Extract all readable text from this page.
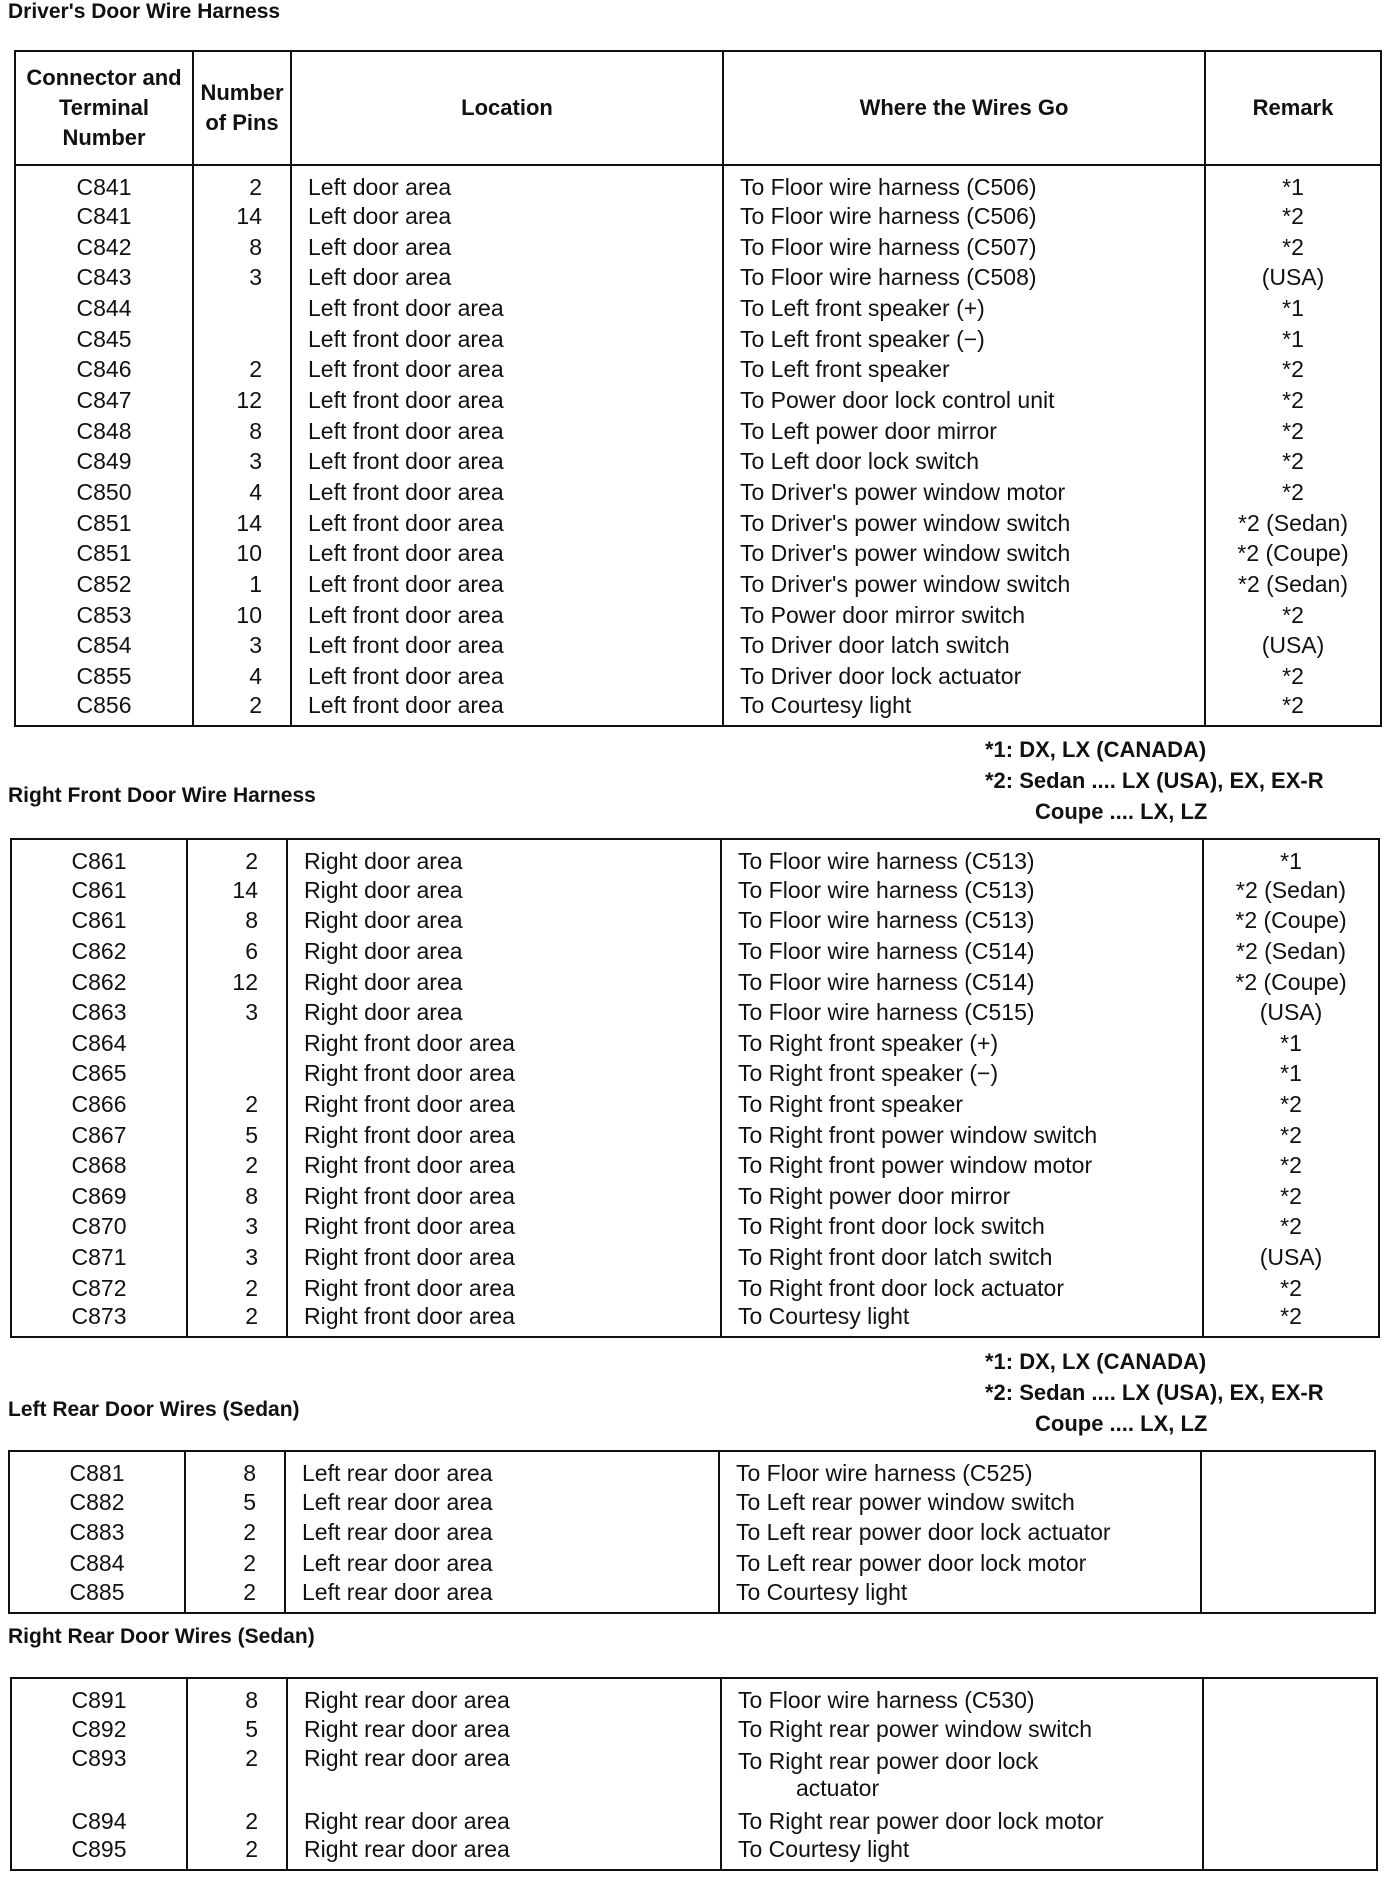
Driver's Door Wire Harness
Connector and Terminal Number	Number of Pins	Location	Where the Wires Go	Remark
C841	2	Left door area	To Floor wire harness (C506)	*1
C841	14	Left door area	To Floor wire harness (C506)	*2
C842	8	Left door area	To Floor wire harness (C507)	*2
C843	3	Left door area	To Floor wire harness (C508)	(USA)
C844		Left front door area	To Left front speaker (+)	*1
C845		Left front door area	To Left front speaker (−)	*1
C846	2	Left front door area	To Left front speaker	*2
C847	12	Left front door area	To Power door lock control unit	*2
C848	8	Left front door area	To Left power door mirror	*2
C849	3	Left front door area	To Left door lock switch	*2
C850	4	Left front door area	To Driver's power window motor	*2
C851	14	Left front door area	To Driver's power window switch	*2 (Sedan)
C851	10	Left front door area	To Driver's power window switch	*2 (Coupe)
C852	1	Left front door area	To Driver's power window switch	*2 (Sedan)
C853	10	Left front door area	To Power door mirror switch	*2
C854	3	Left front door area	To Driver door latch switch	(USA)
C855	4	Left front door area	To Driver door lock actuator	*2
C856	2	Left front door area	To Courtesy light	*2
*1: DX, LX (CANADA)
*2: Sedan .... LX (USA), EX, EX-R
Coupe .... LX, LZ
Right Front Door Wire Harness
C861	2	Right door area	To Floor wire harness (C513)	*1
C861	14	Right door area	To Floor wire harness (C513)	*2 (Sedan)
C861	8	Right door area	To Floor wire harness (C513)	*2 (Coupe)
C862	6	Right door area	To Floor wire harness (C514)	*2 (Sedan)
C862	12	Right door area	To Floor wire harness (C514)	*2 (Coupe)
C863	3	Right door area	To Floor wire harness (C515)	(USA)
C864		Right front door area	To Right front speaker (+)	*1
C865		Right front door area	To Right front speaker (−)	*1
C866	2	Right front door area	To Right front speaker	*2
C867	5	Right front door area	To Right front power window switch	*2
C868	2	Right front door area	To Right front power window motor	*2
C869	8	Right front door area	To Right power door mirror	*2
C870	3	Right front door area	To Right front door lock switch	*2
C871	3	Right front door area	To Right front door latch switch	(USA)
C872	2	Right front door area	To Right front door lock actuator	*2
C873	2	Right front door area	To Courtesy light	*2
*1: DX, LX (CANADA)
*2: Sedan .... LX (USA), EX, EX-R
Coupe .... LX, LZ
Left Rear Door Wires (Sedan)
C881	8	Left rear door area	To Floor wire harness (C525)	
C882	5	Left rear door area	To Left rear power window switch	
C883	2	Left rear door area	To Left rear power door lock actuator	
C884	2	Left rear door area	To Left rear power door lock motor	
C885	2	Left rear door area	To Courtesy light	
Right Rear Door Wires (Sedan)
C891	8	Right rear door area	To Floor wire harness (C530)	
C892	5	Right rear door area	To Right rear power window switch	
C893	2	Right rear door area	To Right rear power door lock
actuator	

C894	2	Right rear door area	To Right rear power door lock motor	
C895	2	Right rear door area	To Courtesy light	
